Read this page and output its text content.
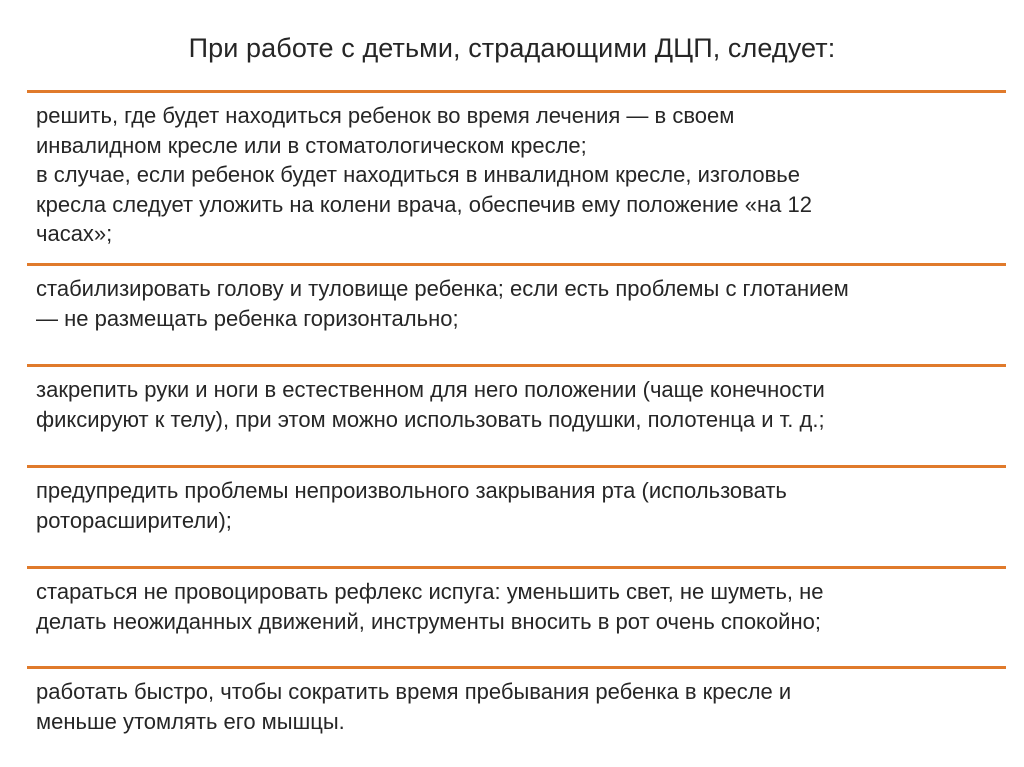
При работе с детьми, страдающими ДЦП, следует:
решить, где будет находиться ребенок во время лечения — в своем
инвалидном кресле или в стоматологическом кресле;
в случае, если ребенок будет находиться в инвалидном кресле, изголовье
кресла следует уложить на колени врача, обеспечив ему положение «на 12
часах»;
стабилизировать голову и туловище ребенка; если есть проблемы с глотанием
— не размещать ребенка горизонтально;
закрепить руки и ноги в естественном для него положении (чаще конечности
фиксируют к телу), при этом можно использовать подушки, полотенца и т. д.;
предупредить проблемы непроизвольного закрывания рта (использовать
роторасширители);
стараться не провоцировать рефлекс испуга: уменьшить свет, не шуметь, не
делать неожиданных движений, инструменты вносить в рот очень спокойно;
работать быстро, чтобы сократить время пребывания ребенка в кресле и
меньше утомлять его мышцы.
